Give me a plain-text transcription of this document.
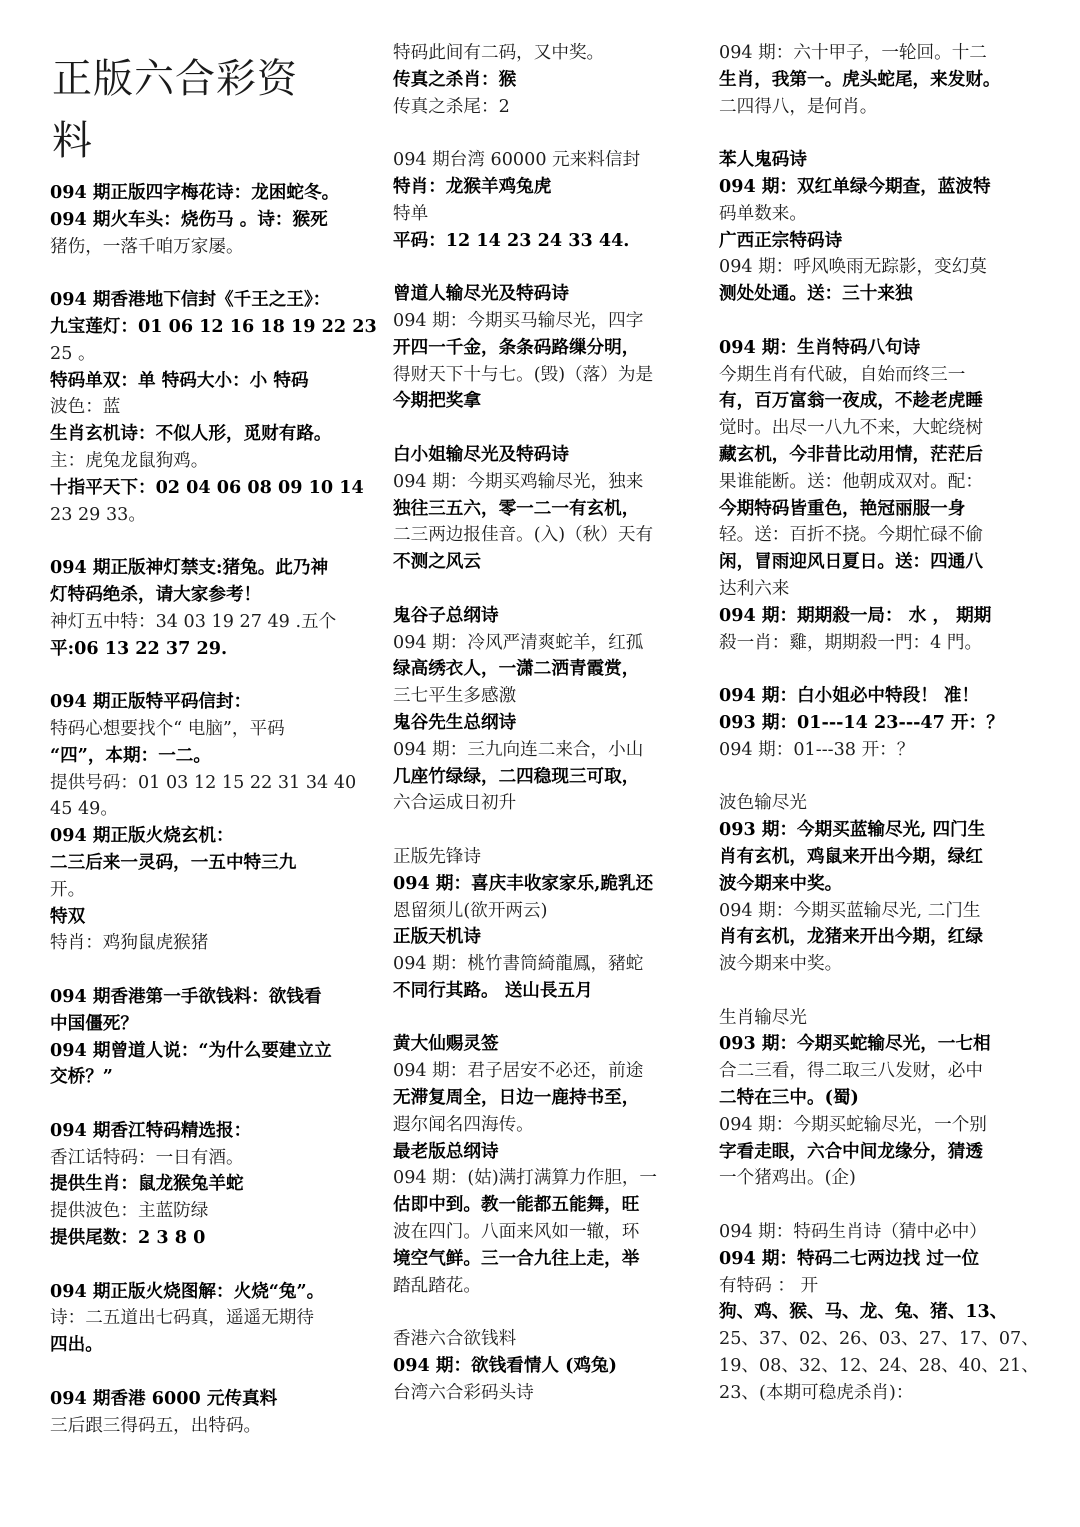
正版六合彩资
料
094 期正版四字梅花诗：龙困蛇冬。
094 期火车头：烧伤马 。诗：猴死
猪伤，一落千咱万家屡。
094 期香港地下信封《千王之王》：
九宝莲灯：01 06 12 16 18 19 22 23
25 。
特码单双：单 特码大小：小 特码
波色：蓝
生肖玄机诗：不似人形，觅财有路。
主：虎兔龙鼠狗鸡。
十指平天下：02 04 06 08 09 10 14
23 29 33。
094 期正版神灯禁支:猪兔。此乃神
灯特码绝杀，请大家参考！
神灯五中特：34 03 19 27 49 .五个
平:06 13 22 37 29.
094 期正版特平码信封：
特码心想要找个“ 电脑”，平码
“四”，本期：一二。
提供号码：01 03 12 15 22 31 34 40
45 49。
094 期正版火烧玄机：
二三后来一灵码，一五中特三九
开。
特双
特肖：鸡狗鼠虎猴猪
094 期香港第一手欲钱料：欲钱看
中国僵死？
094 期曾道人说：“为什么要建立立
交桥？”
094 期香江特码精选报：
香江话特码：一日有酒。
提供生肖：鼠龙猴兔羊蛇
提供波色：主蓝防绿
提供尾数：2 3 8 0
094 期正版火烧图解：火烧“兔”。
诗：二五道出七码真，遥遥无期待
四出。
094 期香港 6000 元传真料
三后跟三得码五，出特码。
特码此间有二码，又中奖。
传真之杀肖：猴
传真之杀尾：2
094 期台湾 60000 元来料信封
特肖：龙猴羊鸡兔虎
特单
平码：12 14 23 24 33 44.
曾道人输尽光及特码诗
094 期：今期买马输尽光，四字
开四一千金，条条码路缫分明，
得财天下十与七。(毁)（落）为是
今期把奖拿
白小姐输尽光及特码诗
094 期：今期买鸡输尽光，独来
独往三五六，零一二一有玄机，
二三两边报佳音。(入)（秋）天有
不测之风云
鬼谷子总纲诗
094 期：冷风严清爽蛇羊，红孤
绿高绣衣人，一潇二洒青霞赏，
三七平生多感激
鬼谷先生总纲诗
094 期：三九向连二来合，小山
几座竹绿绿，二四稳现三可取，
六合运成日初升
正版先锋诗
094 期：喜庆丰收家家乐,跪乳还
恩留须儿(欲开两云)
正版天机诗
094 期：桃竹書筒綺龍鳳，豬蛇
不同行其路。 送山長五月
黄大仙赐灵签
094 期：君子居安不必还，前途
无滞复周全，日边一鹿持书至，
遐尔闻名四海传。
最老版总纲诗
094 期：(姑)满打满算力作胆，一
估即中到。教一能都五能舞，旺
波在四门。八面来风如一辙，环
境空气鲜。三一合九往上走，举
踏乱踏花。
香港六合欲钱料
094 期：欲钱看情人 (鸡兔)
台湾六合彩码头诗
094 期：六十甲子，一轮回。十二
生肖，我第一。虎头蛇尾，来发财。
二四得八，是何肖。
苯人鬼码诗
094 期：双红单绿今期查，蓝波特
码单数来。
广西正宗特码诗
094 期：呼风唤雨无踪影，变幻莫
测处处通。送：三十来独
094 期：生肖特码八句诗
今期生肖有代破，自始而终三一
有，百万富翁一夜成，不趁老虎睡
觉时。出尽一八九不来，大蛇绕树
藏玄机，今非昔比动用情，茫茫后
果谁能断。送：他朝成双对。配：
今期特码皆重色，艳冠丽服一身
轻。送：百折不挠。今期忙碌不偷
闲，冒雨迎风日夏日。送：四通八
达利六来
094 期：期期殺一局： 水 ， 期期
殺一肖：雞，期期殺一門：4 門。
094 期：白小姐必中特段！ 准！
093 期：01---14 23---47 开：？
094 期：01---38 开：？
波色输尽光
093 期：今期买蓝输尽光, 四门生
肖有玄机，鸡鼠来开出今期，绿红
波今期来中奖。
094 期：今期买蓝输尽光, 二门生
肖有玄机，龙猪来开出今期，红绿
波今期来中奖。
生肖输尽光
093 期：今期买蛇输尽光，一七相
合二三看，得二取三八发财，必中
二特在三中。(蜀)
094 期：今期买蛇输尽光，一个别
字看走眼，六合中间龙缘分，猜透
一个猪鸡出。(企)
094 期：特码生肖诗（猜中必中）
094 期：特码二七两边找 过一位
有特码 ： 开
狗、鸡、猴、马、龙、兔、猪、13、
25、37、02、26、03、27、17、07、
19、08、32、12、24、28、40、21、
23、(本期可稳虎杀肖)：
